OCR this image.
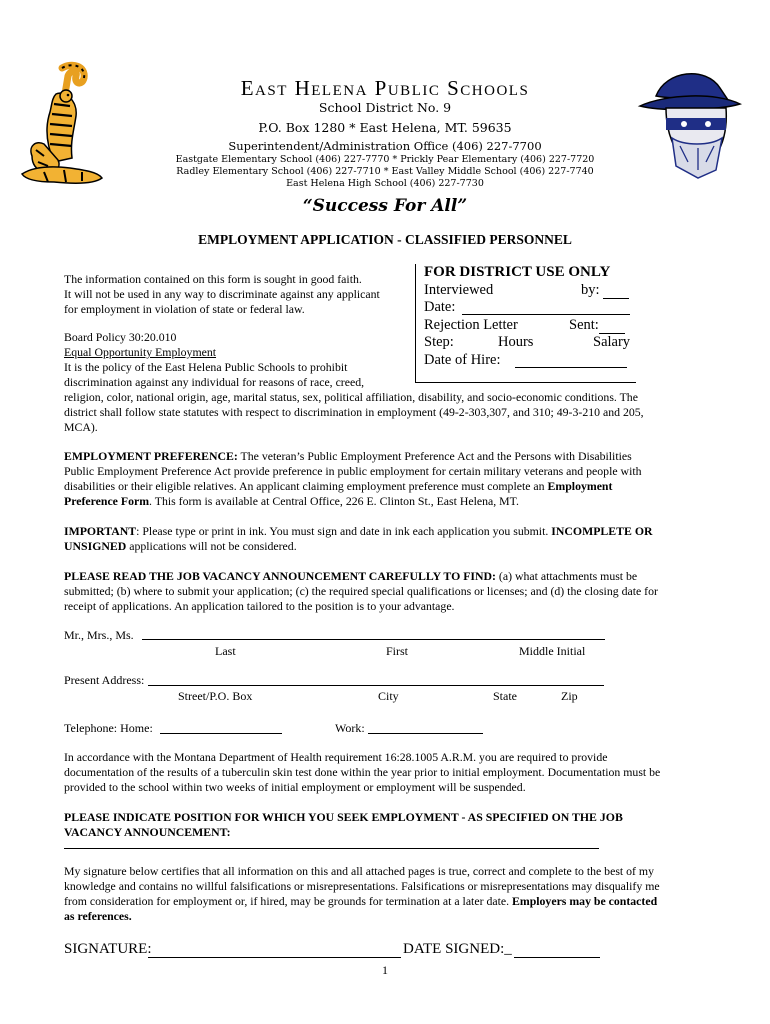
East Helena Public Schools
School District No. 9
P.O. Box 1280 * East Helena, MT. 59635
Superintendent/Administration Office (406) 227-7700
Eastgate Elementary School (406) 227-7770 * Prickly Pear Elementary (406) 227-7720
Radley Elementary School (406) 227-7710 * East Valley Middle School (406) 227-7740
East Helena High School (406) 227-7730
“Success For All”
EMPLOYMENT APPLICATION - CLASSIFIED PERSONNEL
The information contained on this form is sought in good faith.
It will not be used in any way to discriminate against any applicant
for employment in violation of state or federal law.
FOR DISTRICT USE ONLY
Interviewed	by:
Date:
Rejection Letter	Sent:
Step:	Hours	Salary
Date of Hire:
Board Policy 30:20.010
Equal Opportunity Employment
It is the policy of the East Helena Public Schools to prohibit
discrimination against any individual for reasons of race, creed,
religion, color, national origin, age, marital status, sex, political affiliation, disability, and socio-economic conditions. The
district shall follow state statutes with respect to discrimination in employment (49-2-303,307, and 310; 49-3-210 and 205,
MCA).
EMPLOYMENT PREFERENCE: The veteran’s Public Employment Preference Act and the Persons with Disabilities
Public Employment Preference Act provide preference in public employment for certain military veterans and people with
disabilities or their eligible relatives. An applicant claiming employment preference must complete an Employment
Preference Form. This form is available at Central Office, 226 E. Clinton St., East Helena, MT.
IMPORTANT: Please type or print in ink. You must sign and date in ink each application you submit. INCOMPLETE OR
UNSIGNED applications will not be considered.
PLEASE READ THE JOB VACANCY ANNOUNCEMENT CAREFULLY TO FIND: (a) what attachments must be
submitted; (b) where to submit your application; (c) the required special qualifications or licenses; and (d) the closing date for
receipt of applications. An application tailored to the position is to your advantage.
Mr., Mrs., Ms.
Last	First	Middle Initial
Present Address:
Street/P.O. Box	City	State	Zip
Telephone: Home:	Work:
In accordance with the Montana Department of Health requirement 16:28.1005 A.R.M. you are required to provide
documentation of the results of a tuberculin skin test done within the year prior to initial employment. Documentation must be
provided to the school within two weeks of initial employment or employment will be suspended.
PLEASE INDICATE POSITION FOR WHICH YOU SEEK EMPLOYMENT - AS SPECIFIED ON THE JOB
VACANCY ANNOUNCEMENT:
My signature below certifies that all information on this and all attached pages is true, correct and complete to the best of my
knowledge and contains no willful falsifications or misrepresentations. Falsifications or misrepresentations may disqualify me
from consideration for employment or, if hired, may be grounds for termination at a later date. Employers may be contacted
as references.
SIGNATURE:	DATE SIGNED:_
1
